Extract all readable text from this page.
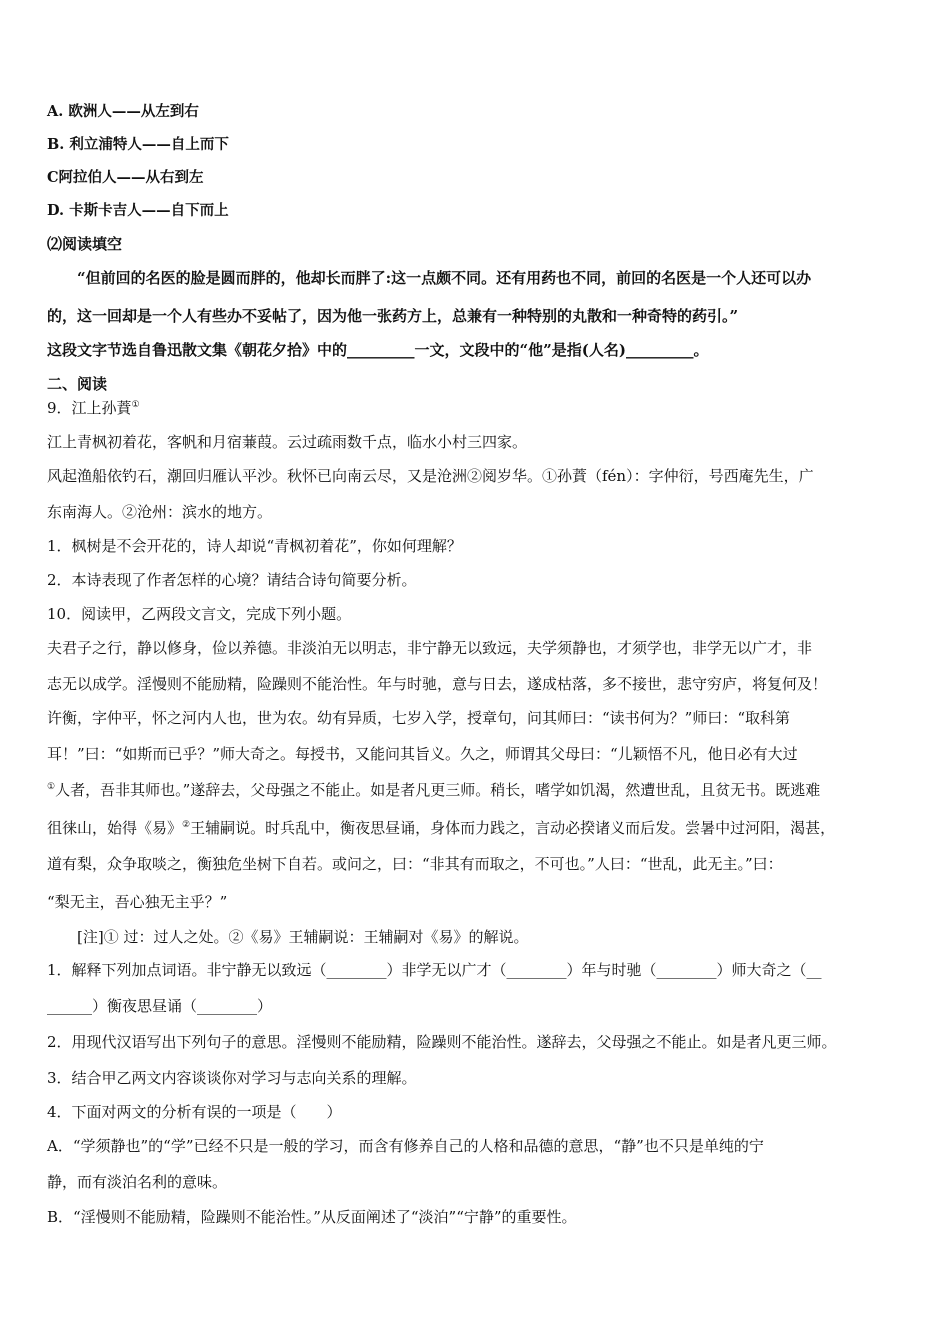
A. 欧洲人——从左到右
B. 利立浦特人——自上而下
C阿拉伯人——从右到左
D. 卡斯卡吉人——自下而上
⑵阅读填空
“但前回的名医的脸是圆而胖的，他却长而胖了:这一点颇不同。还有用药也不同，前回的名医是一个人还可以办
的，这一回却是一个人有些办不妥帖了，因为他一张药方上，总兼有一种特别的丸散和一种奇特的药引。”
这段文字节选自鲁迅散文集《朝花夕拾》中的_________一文，文段中的“他”是指(人名)_________。
二、阅读
9．江上孙蕡①
江上青枫初着花，客帆和月宿蒹葭。云过疏雨数千点，临水小村三四家。
风起渔船依钓石，潮回归雁认平沙。秋怀已向南云尽，又是沧洲②阅岁华。①孙蕡（fén）：字仲衍，号西庵先生，广
东南海人。②沧州：滨水的地方。
1．枫树是不会开花的，诗人却说“青枫初着花”，你如何理解？
2．本诗表现了作者怎样的心境？请结合诗句简要分析。
10．阅读甲，乙两段文言文，完成下列小题。
夫君子之行，静以修身，俭以养德。非淡泊无以明志，非宁静无以致远，夫学须静也，才须学也，非学无以广才，非
志无以成学。淫慢则不能励精，险躁则不能治性。年与时驰，意与日去，遂成枯落，多不接世，悲守穷庐，将复何及！
许衡，字仲平，怀之河内人也，世为农。幼有异质，七岁入学，授章句，问其师曰：“读书何为？”师曰：“取科第
耳！”曰：“如斯而已乎？”师大奇之。每授书，又能问其旨义。久之，师谓其父母曰：“儿颖悟不凡，他日必有大过
①人者，吾非其师也。”遂辞去，父母强之不能止。如是者凡更三师。稍长，嗜学如饥渴，然遭世乱，且贫无书。既逃难
徂徕山，始得《易》②王辅嗣说。时兵乱中，衡夜思昼诵，身体而力践之，言动必揆诸义而后发。尝暑中过河阳，渴甚，
道有梨，众争取啖之，衡独危坐树下自若。或问之，曰：“非其有而取之，不可也。”人曰：“世乱，此无主。”曰：
“梨无主，吾心独无主乎？”
[注]① 过：过人之处。②《易》王辅嗣说：王辅嗣对《易》的解说。
1．解释下列加点词语。非宁静无以致远（________）非学无以广才（________）年与时驰（________）师大奇之（__
______）衡夜思昼诵（________）
2．用现代汉语写出下列句子的意思。淫慢则不能励精，险躁则不能治性。遂辞去，父母强之不能止。如是者凡更三师。
3．结合甲乙两文内容谈谈你对学习与志向关系的理解。
4．下面对两文的分析有误的一项是（　　）
A．“学须静也”的“学”已经不只是一般的学习，而含有修养自己的人格和品德的意思，“静”也不只是单纯的宁
静，而有淡泊名利的意味。
B．“淫慢则不能励精，险躁则不能治性。”从反面阐述了“淡泊”“宁静”的重要性。
